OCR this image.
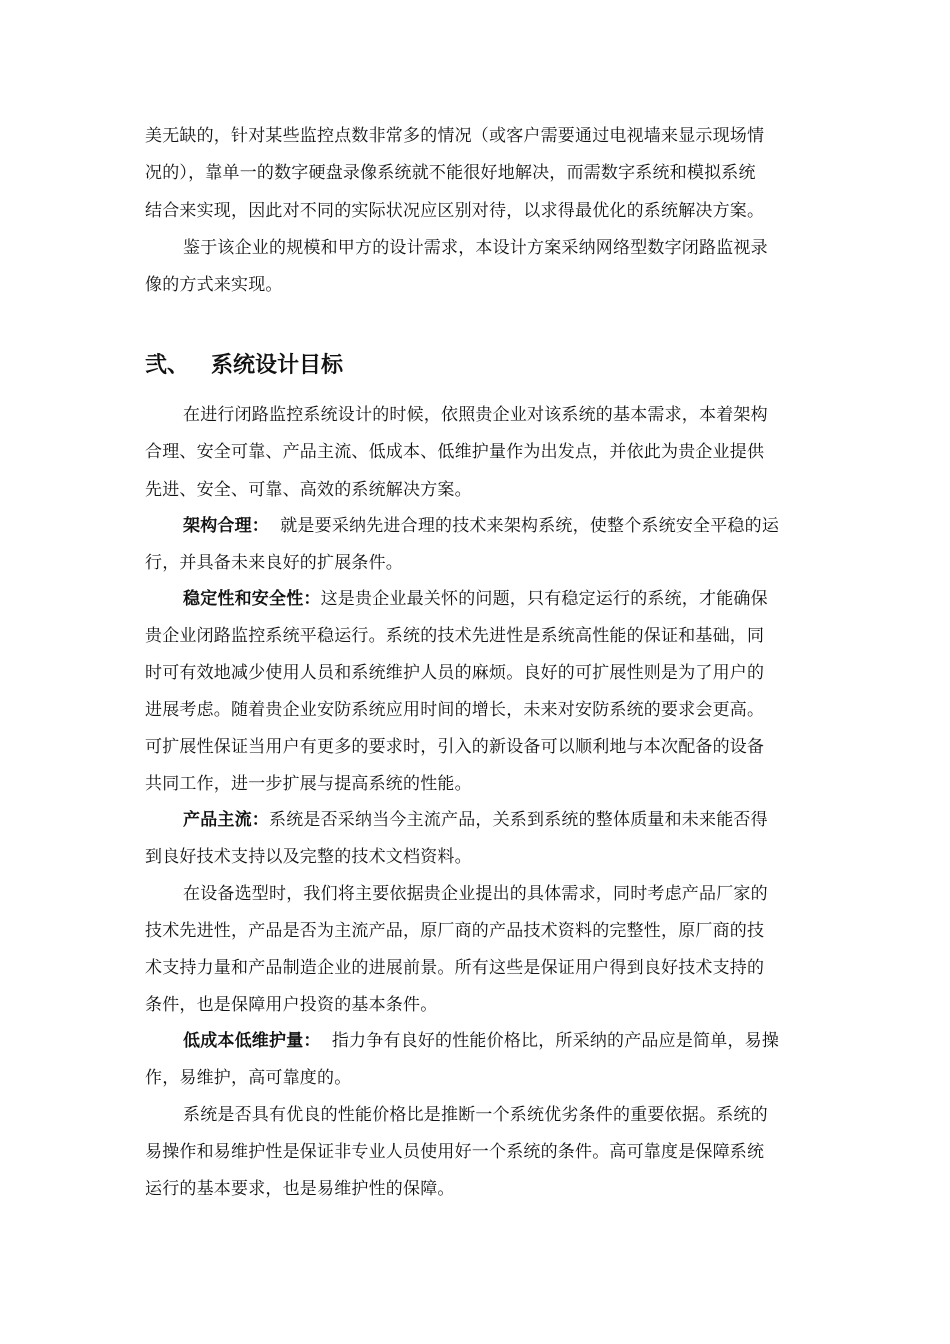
美无缺的，针对某些监控点数非常多的情况（或客户需要通过电视墙来显示现场情
况的），靠单一的数字硬盘录像系统就不能很好地解决，而需数字系统和模拟系统
结合来实现，因此对不同的实际状况应区别对待，以求得最优化的系统解决方案。
鉴于该企业的规模和甲方的设计需求，本设计方案采纳网络型数字闭路监视录
像的方式来实现。
弐、 系统设计目标
在进行闭路监控系统设计的时候，依照贵企业对该系统的基本需求，本着架构
合理、安全可靠、产品主流、低成本、低维护量作为出发点，并依此为贵企业提供
先进、安全、可靠、高效的系统解决方案。
架构合理： 就是要采纳先进合理的技术来架构系统，使整个系统安全平稳的运
行，并具备未来良好的扩展条件。
稳定性和安全性：这是贵企业最关怀的问题，只有稳定运行的系统，才能确保
贵企业闭路监控系统平稳运行。系统的技术先进性是系统高性能的保证和基础，同
时可有效地减少使用人员和系统维护人员的麻烦。良好的可扩展性则是为了用户的
进展考虑。随着贵企业安防系统应用时间的增长，未来对安防系统的要求会更高。
可扩展性保证当用户有更多的要求时，引入的新设备可以顺利地与本次配备的设备
共同工作，进一步扩展与提高系统的性能。
产品主流：系统是否采纳当今主流产品，关系到系统的整体质量和未来能否得
到良好技术支持以及完整的技术文档资料。
在设备选型时，我们将主要依据贵企业提出的具体需求，同时考虑产品厂家的
技术先进性，产品是否为主流产品，原厂商的产品技术资料的完整性，原厂商的技
术支持力量和产品制造企业的进展前景。所有这些是保证用户得到良好技术支持的
条件，也是保障用户投资的基本条件。
低成本低维护量： 指力争有良好的性能价格比，所采纳的产品应是简单，易操
作，易维护，高可靠度的。
系统是否具有优良的性能价格比是推断一个系统优劣条件的重要依据。系统的
易操作和易维护性是保证非专业人员使用好一个系统的条件。高可靠度是保障系统
运行的基本要求，也是易维护性的保障。
